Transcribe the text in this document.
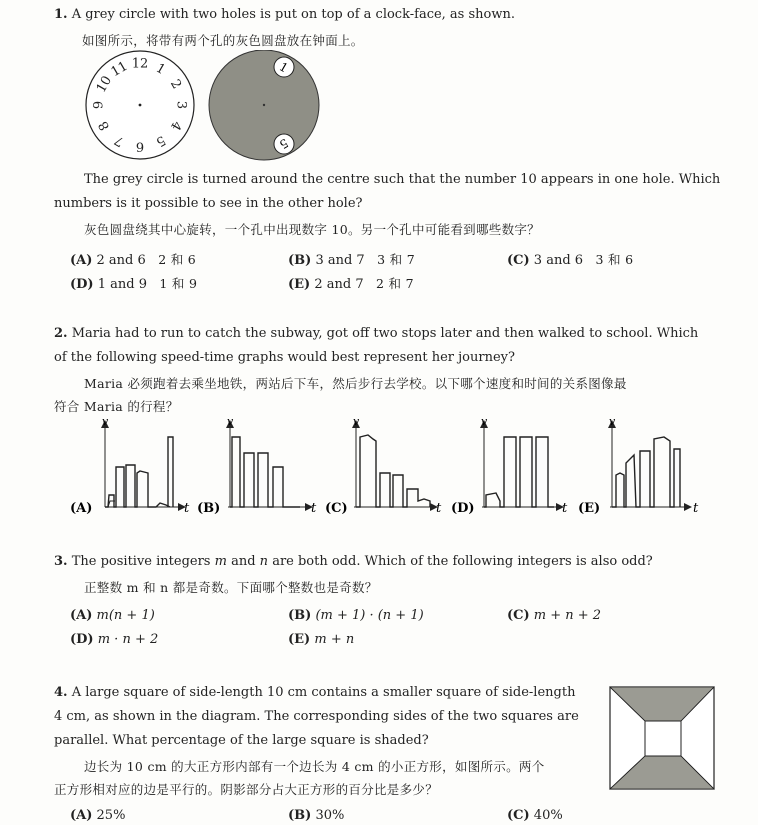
1. A grey circle with two holes is put on top of a clock-face, as shown.
如图所示，将带有两个孔的灰色圆盘放在钟面上。
12 1
2
3
4
5
6
7
8
9
10
11	1
5
The grey circle is turned around the centre such that the number 10 appears in one hole. Which
numbers is it possible to see in the other hole?
灰色圆盘绕其中心旋转，一个孔中出现数字 10。另一个孔中可能看到哪些数字？
(A) 2 and 6 2 和 6	(B) 3 and 7 3 和 7	(C) 3 and 6 3 和 6
(D) 1 and 9 1 和 9	(E) 2 and 7 2 和 7
2. Maria had to run to catch the subway, got off two stops later and then walked to school. Which
of the following speed-time graphs would best represent her journey?
Maria 必须跑着去乘坐地铁，两站后下车，然后步行去学校。以下哪个速度和时间的关系图像最
符合 Maria 的行程？
(A)
v
t (B)
v
t (C)
v
t (D)
v
t (E)
v
t
3. The positive integers m and n are both odd. Which of the following integers is also odd?
正整数 m 和 n 都是奇数。下面哪个整数也是奇数？
(A) m(n + 1)	(B) (m + 1) · (n + 1)	(C) m + n + 2
(D) m · n + 2	(E) m + n
4. A large square of side-length 10 cm contains a smaller square of side-length
4 cm, as shown in the diagram. The corresponding sides of the two squares are
parallel. What percentage of the large square is shaded?
边长为 10 cm 的大正方形内部有一个边长为 4 cm 的小正方形，如图所示。两个
正方形相对应的边是平行的。阴影部分占大正方形的百分比是多少？
(A) 25%	(B) 30%	(C) 40%
